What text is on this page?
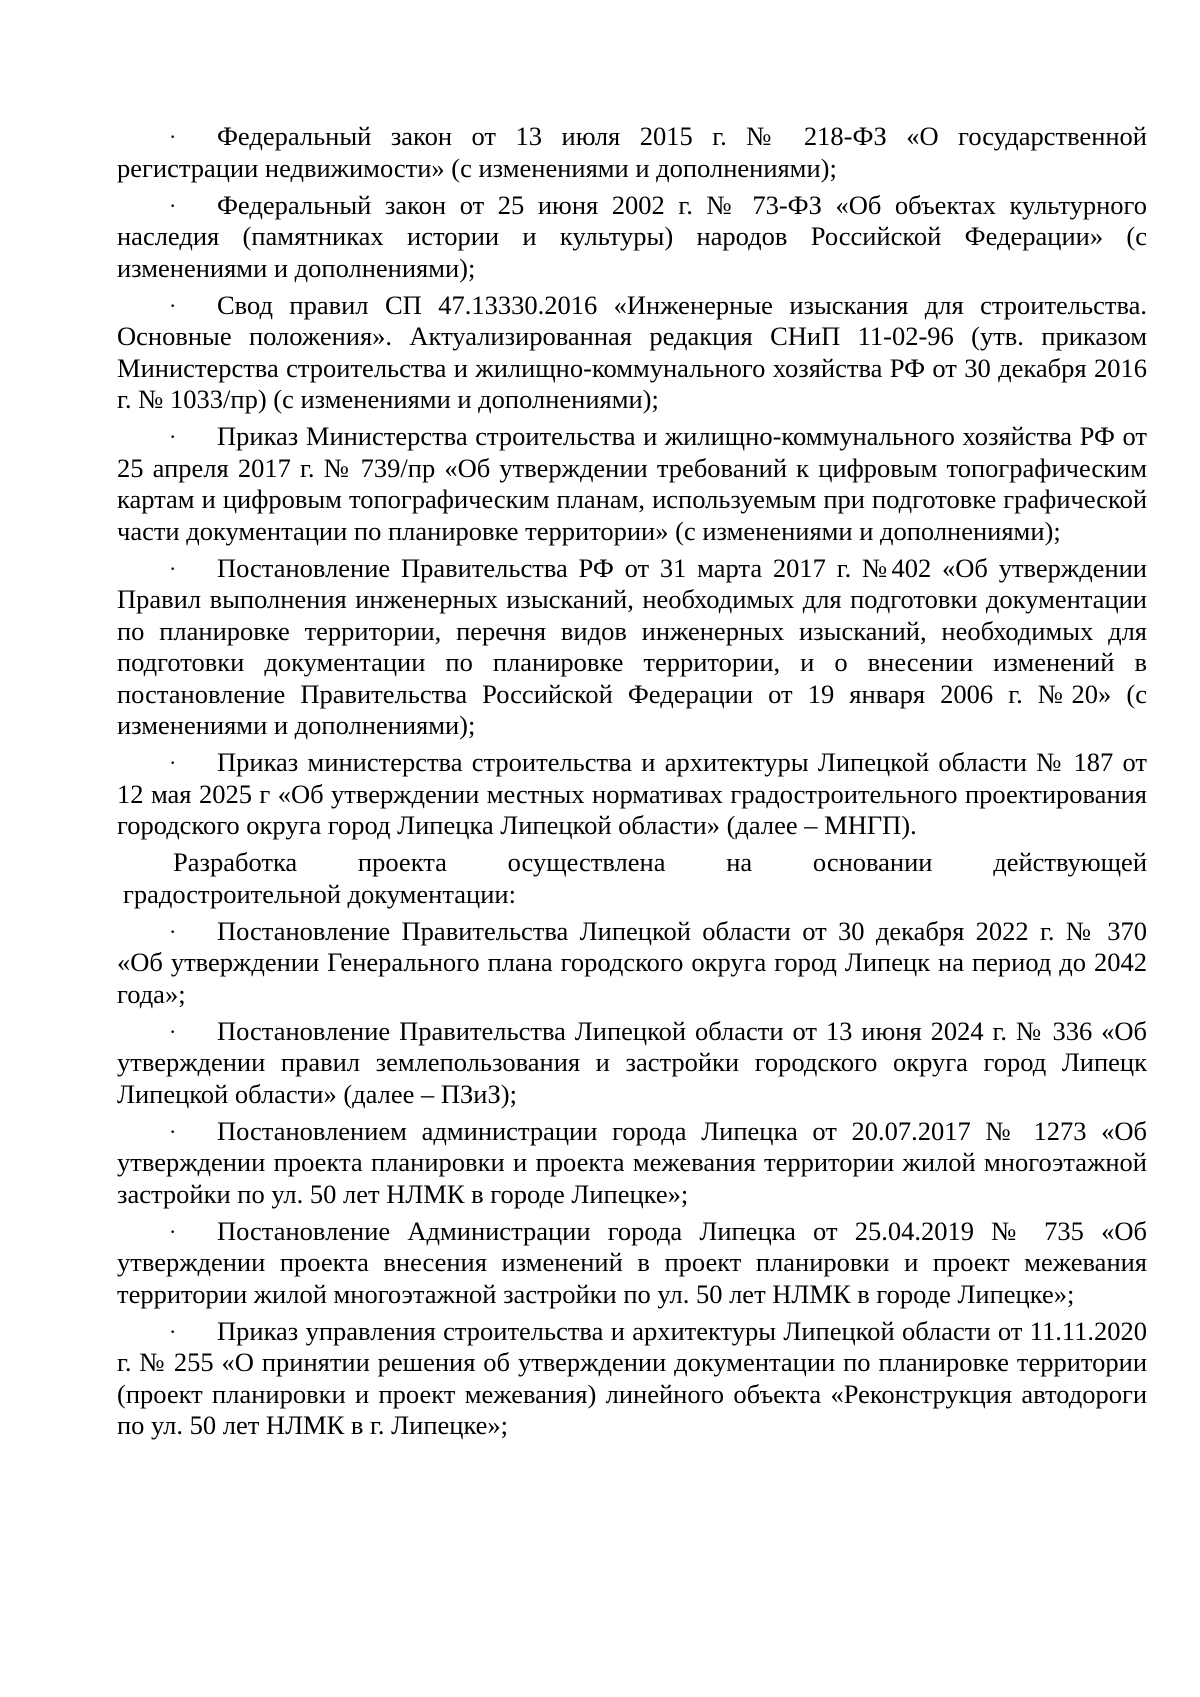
· Федеральный закон от 13 июля 2015 г. № 218-ФЗ «О государственной регистрации недвижимости» (с изменениями и дополнениями);

· Федеральный закон от 25 июня 2002 г. № 73-ФЗ «Об объектах культурного наследия (памятниках истории и культуры) народов Российской Федерации» (с изменениями и дополнениями);

· Свод правил СП 47.13330.2016 «Инженерные изыскания для строительства. Основные положения». Актуализированная редакция СНиП 11-02-96 (утв. приказом Министерства строительства и жилищно-коммунального хозяйства РФ от 30 декабря 2016 г. № 1033/пр) (с изменениями и дополнениями);

· Приказ Министерства строительства и жилищно-коммунального хозяйства РФ от 25 апреля 2017 г. № 739/пр «Об утверждении требований к цифровым топографическим картам и цифровым топографическим планам, используемым при подготовке графической части документации по планировке территории» (с изменениями и дополнениями);

· Постановление Правительства РФ от 31 марта 2017 г. №402 «Об утверждении Правил выполнения инженерных изысканий, необходимых для подготовки документации по планировке территории, перечня видов инженерных изысканий, необходимых для подготовки документации по планировке территории, и о внесении изменений в постановление Правительства Российской Федерации от 19 января 2006 г. №20» (с изменениями и дополнениями);

· Приказ министерства строительства и архитектуры Липецкой области № 187 от 12 мая 2025 г «Об утверждении местных нормативах градостроительного проектирования городского округа город Липецка Липецкой области» (далее – МНГП).

Разработка проекта осуществлена на основании действующей

градостроительной документации:

· Постановление Правительства Липецкой области от 30 декабря 2022 г. № 370 «Об утверждении Генерального плана городского округа город Липецк на период до 2042 года»;

· Постановление Правительства Липецкой области от 13 июня 2024 г. № 336 «Об утверждении правил землепользования и застройки городского округа город Липецк Липецкой области» (далее – ПЗиЗ);

· Постановлением администрации города Липецка от 20.07.2017 № 1273 «Об утверждении проекта планировки и проекта межевания территории жилой многоэтажной застройки по ул. 50 лет НЛМК в городе Липецке»;

· Постановление Администрации города Липецка от 25.04.2019 № 735 «Об утверждении проекта внесения изменений в проект планировки и проект межевания территории жилой многоэтажной застройки по ул. 50 лет НЛМК в городе Липецке»;

· Приказ управления строительства и архитектуры Липецкой области от 11.11.2020 г. № 255 «О принятии решения об утверждении документации по планировке территории (проект планировки и проект межевания) линейного объекта «Реконструкция автодороги по ул. 50 лет НЛМК в г. Липецке»;
